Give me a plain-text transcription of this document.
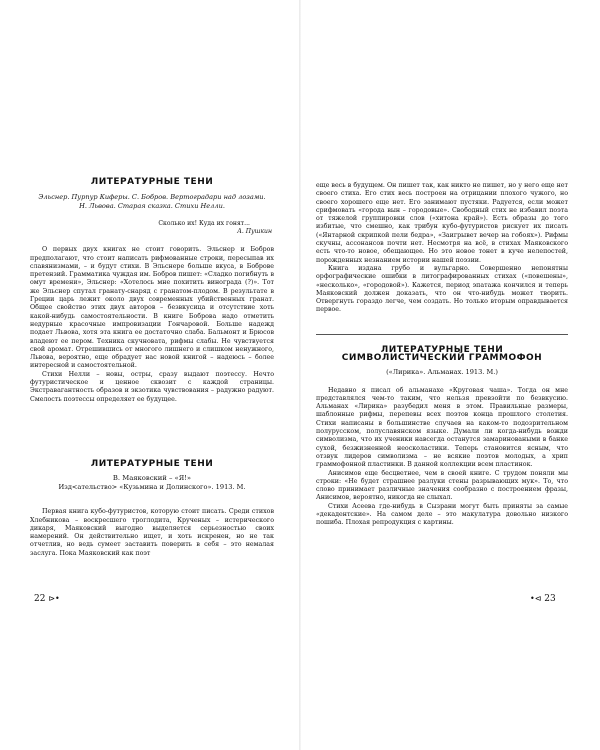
ЛИТЕРАТУРНЫЕ ТЕНИ
Эльснер. Пурпур Киферы. С. Бобров. Вертоградари над лозами.
Н. Львова. Старая сказка. Стихи Нелли.
Сколько их! Куда их гонят...
А. Пушкин

О первых двух книгах не стоит говорить. Эльснер и Бобров предполагают, что стоит написать рифмованные строки, пересыпав их славянизмами, – и будут стихи. В Эльснере больше вкуса, в Боброве претензий. Грамматика чуждая им. Бобров пишет: «Сладко погибнуть в омут времени», Эльснер: «Хотелось мне похитить винограда (?)». Тот же Эльснер спутал гранату-снаряд с гранатом-плодом. В результате в Греции царь лежит около двух современных убийственных гранат. Общее свойство этих двух авторов – безвкусица и отсутствие хоть какой-нибудь самостоятельности. В книге Боброва надо отметить недурные красочные импровизации Гончаровой. Больше надежд подает Львова, хотя эта книга ее достаточно слаба. Бальмонт и Брюсов владеют ее пером. Техника скучновата, рифмы слабы. Не чувствуется свой аромат. Отрешившись от многого лишнего и слишком ненужного, Львова, вероятно, еще обрадует нас новой книгой – надеюсь – более интересной и самостоятельной.

Стихи Нелли – новы, остры, сразу выдают поэтессу. Нечто футуристическое и ценное сквозит с каждой страницы. Экстравагантность образов и экзотика чувствования – радужно радуют. Смелость поэтессы определяет ее будущее.

ЛИТЕРАТУРНЫЕ ТЕНИ
В. Маяковский – «Я!»
Изд<ательство> «Кузьмина и Долинского». 1913. М.

Первая книга кубо-футуристов, которую стоит писать. Среди стихов Хлебникова – воскресшего троглодита, Крученых – истерического дикаря, Маяковский выгодно выделяется серьезностью своих намерений. Он действительно ищет, и хоть искренен, но не так отчетлив, но ведь сумеет заставить поверить в себя – это немалая заслуга. Пока Маяковский как поэт

22 ⊳•

еще весь в будущем. Он пишет так, как никто не пишет, но у него еще нет своего стиха. Его стих весь построен на отрицании плохого чужого, но своего хорошего еще нет. Его занимают пустяки. Радуется, если может срифмовать «города вын – городовые». Свободный стих не избавил поэта от тяжелой группировки слов («хитона край»). Есть образы до того избитые, что смешно, как трибун кубо-футуристов рискует их писать («Янтарной скрипкой пели бедра», «Заигрывет вечер на гобоях»). Рифмы скучны, ассонансов почти нет. Несмотря на всё, в стихах Маяковского есть что-то новое, обещающее. Но это новое тонет в куче нелепостей, порожденных незнанием истории нашей поэзии.

Книга издана грубо и вульгарно. Совершенно непонятны орфографические ошибки в литографированных стихах («повешены», «несколько», «городовой»). Кажется, период эпатажа кончился и теперь Маяковский должен доказать, что он что-нибудь может творить. Отвергнуть гораздо легче, чем создать. Но только вторым оправдывается первое.

ЛИТЕРАТУРНЫЕ ТЕНИ
СИМВОЛИСТИЧЕСКИЙ ГРАММОФОН
(«Лирика». Альманах. 1913. М.)

Недавно я писал об альманахе «Круговая чаша». Тогда он мне представлялся чем-то таким, что нельзя превзойти по безвкусию. Альманах «Лирика» разубедил меня в этом. Правильные размеры, шаблонные рифмы, перепевы всех поэтов конца прошлого столетия. Стихи написаны в большинстве случаев на каком-то подозрительном полурусском, полуславянском языке. Думали ли когда-нибудь вожди символизма, что их ученики навсегда останутся замариноваными в банке сухой, безжизненной неосколастики. Теперь становится ясным, что отзвук лидеров символизма – не всякие поэтов молодых, а хрип граммофонной пластинки. В данной коллекции всем пластинок.

Анисимов еще бесцветнее, чем в своей книге. С трудом поняли мы строки: «Не будет страшнее разлуки стены разрывающих мук». То, что слово принимает различные значения сообразно с построением фразы, Анисимов, вероятно, никогда не слыхал.

Стихи Асеева где-нибудь в Сызрани могут быть приняты за самые «декадентские». На самом деле – это макулатура довольно низкого пошиба. Плохая репродукция с картины.

•⊲ 23
